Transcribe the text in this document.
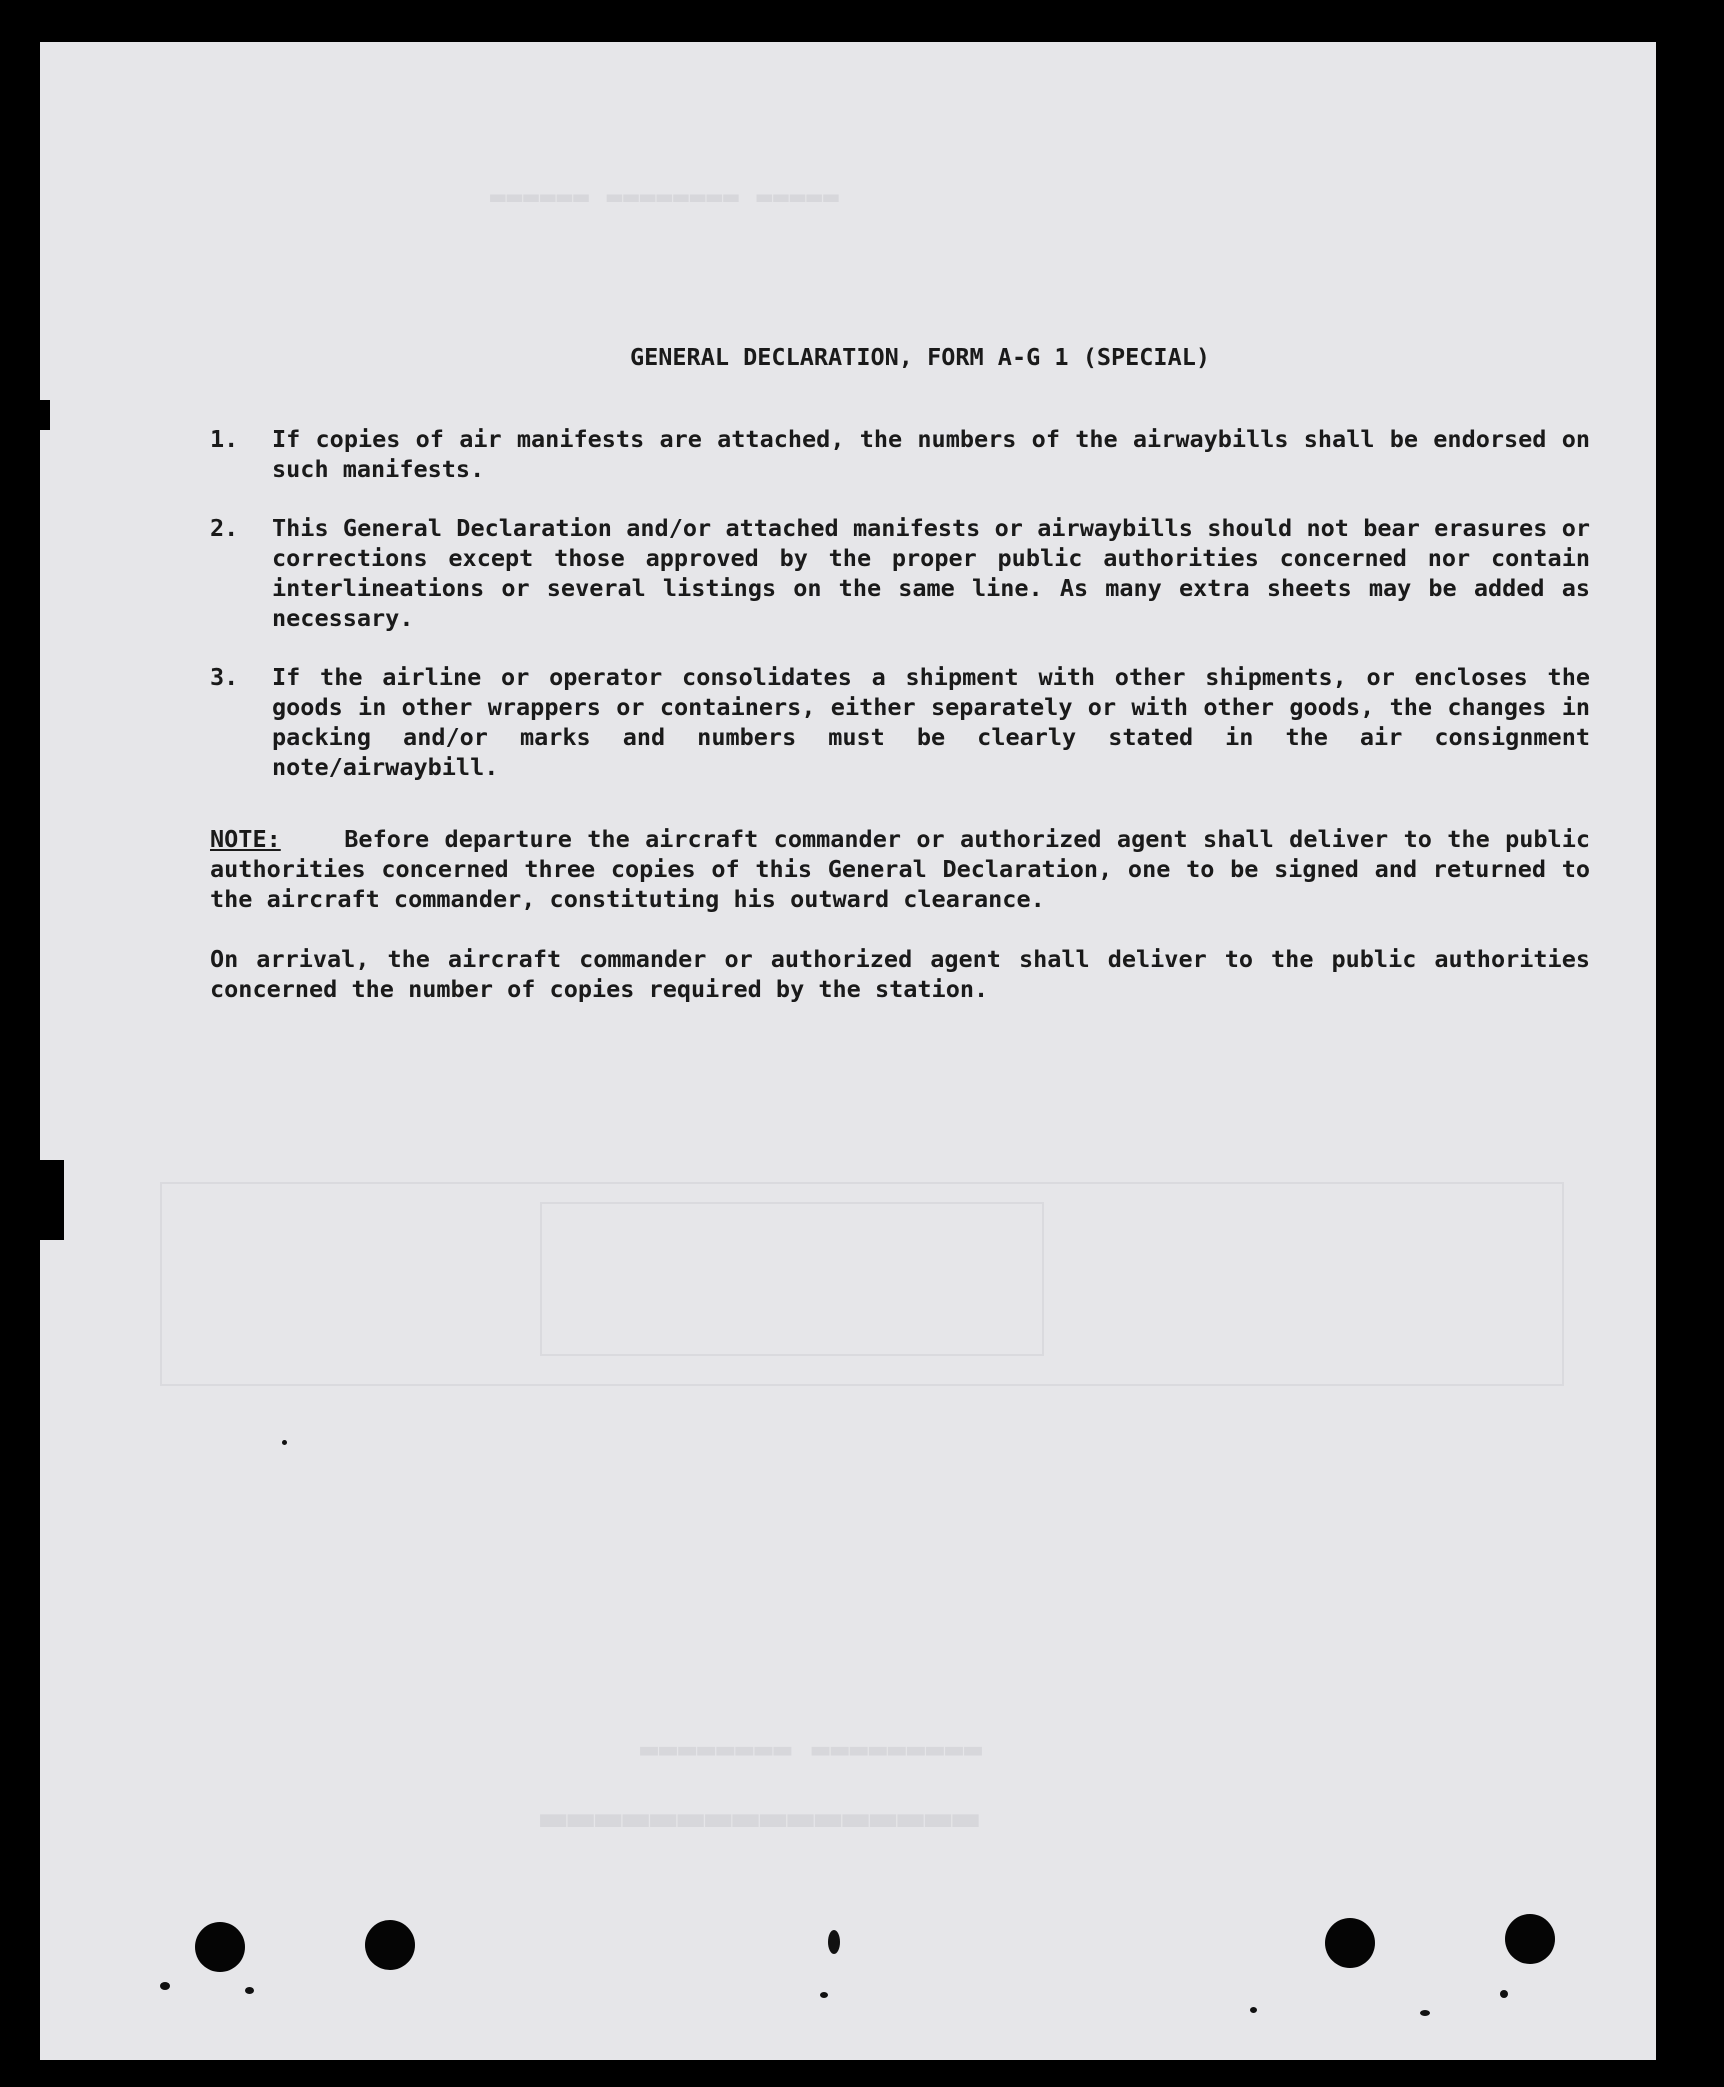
▬▬▬▬▬▬ ▬▬▬▬▬▬▬▬ ▬▬▬▬▬
▬▬▬▬▬▬▬▬ ▬▬▬▬▬▬▬▬▬
▬▬▬▬▬▬▬▬▬▬▬▬▬▬▬▬
GENERAL DECLARATION, FORM A-G 1 (SPECIAL)
1.	If copies of air manifests are attached, the numbers of the airwaybills shall be endorsed on such manifests.
2.	This General Declaration and/or attached manifests or airwaybills should not bear erasures or corrections except those approved by the proper public authorities concerned nor contain interlineations or several listings on the same line. As many extra sheets may be added as necessary.
3.	If the airline or operator consolidates a shipment with other shipments, or encloses the goods in other wrappers or containers, either separately or with other goods, the changes in packing and/or marks and numbers must be clearly stated in the air consignment note/airwaybill.
NOTE:	Before departure the aircraft commander or authorized agent shall deliver to the public authorities concerned three copies of this General Declaration, one to be signed and returned to the aircraft commander, constituting his outward clearance.
On arrival, the aircraft commander or authorized agent shall deliver to the public authorities concerned the number of copies required by the station.
